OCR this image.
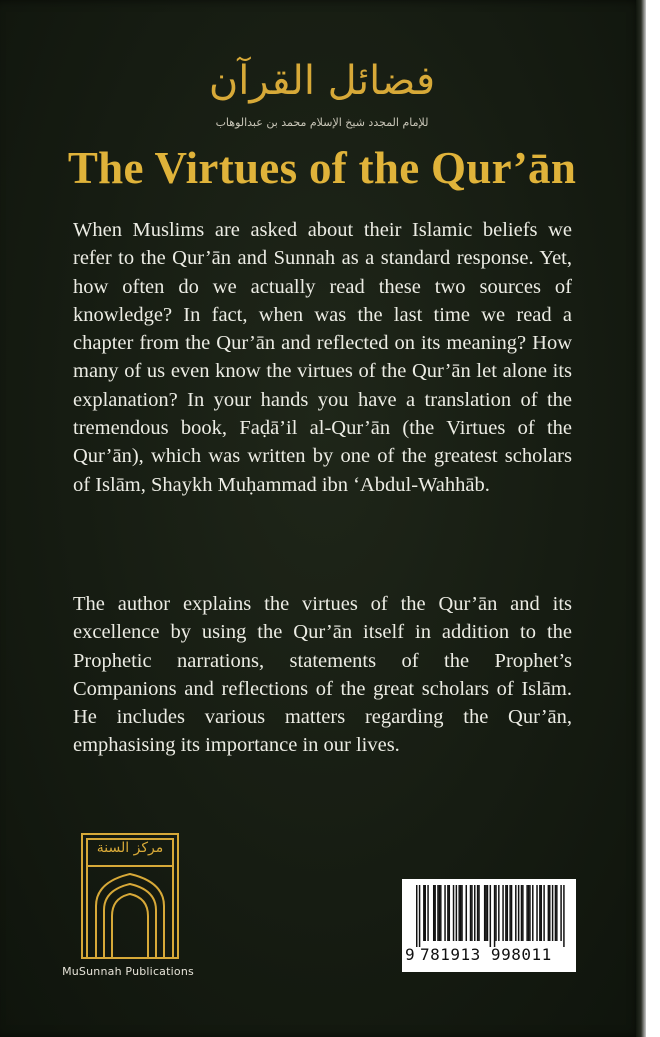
فضائل القرآن
للإمام المجدد شيخ الإسلام محمد بن عبدالوهاب
The Virtues of the Qur’ān
When Muslims are asked about their Islamic beliefs we refer to the Qur’ān and Sunnah as a standard response. Yet, how often do we actually read these two sources of knowledge? In fact, when was the last time we read a chapter from the Qur’ān and reflected on its meaning? How many of us even know the virtues of the Qur’ān let alone its explanation? In your hands you have a translation of the tremendous book, Faḍā’il al-Qur’ān (the Virtues of the Qur’ān), which was written by one of the greatest scholars of Islām, Shaykh Muḥammad ibn ‘Abdul-Wahhāb.
The author explains the virtues of the Qur’ān and its excellence by using the Qur’ān itself in addition to the Prophetic narrations, statements of the Prophet’s Companions and reflections of the great scholars of Islām. He includes various matters regarding the Qur’ān, emphasising its importance in our lives.
مركز السنة
MuSunnah Publications
9 781913 998011
